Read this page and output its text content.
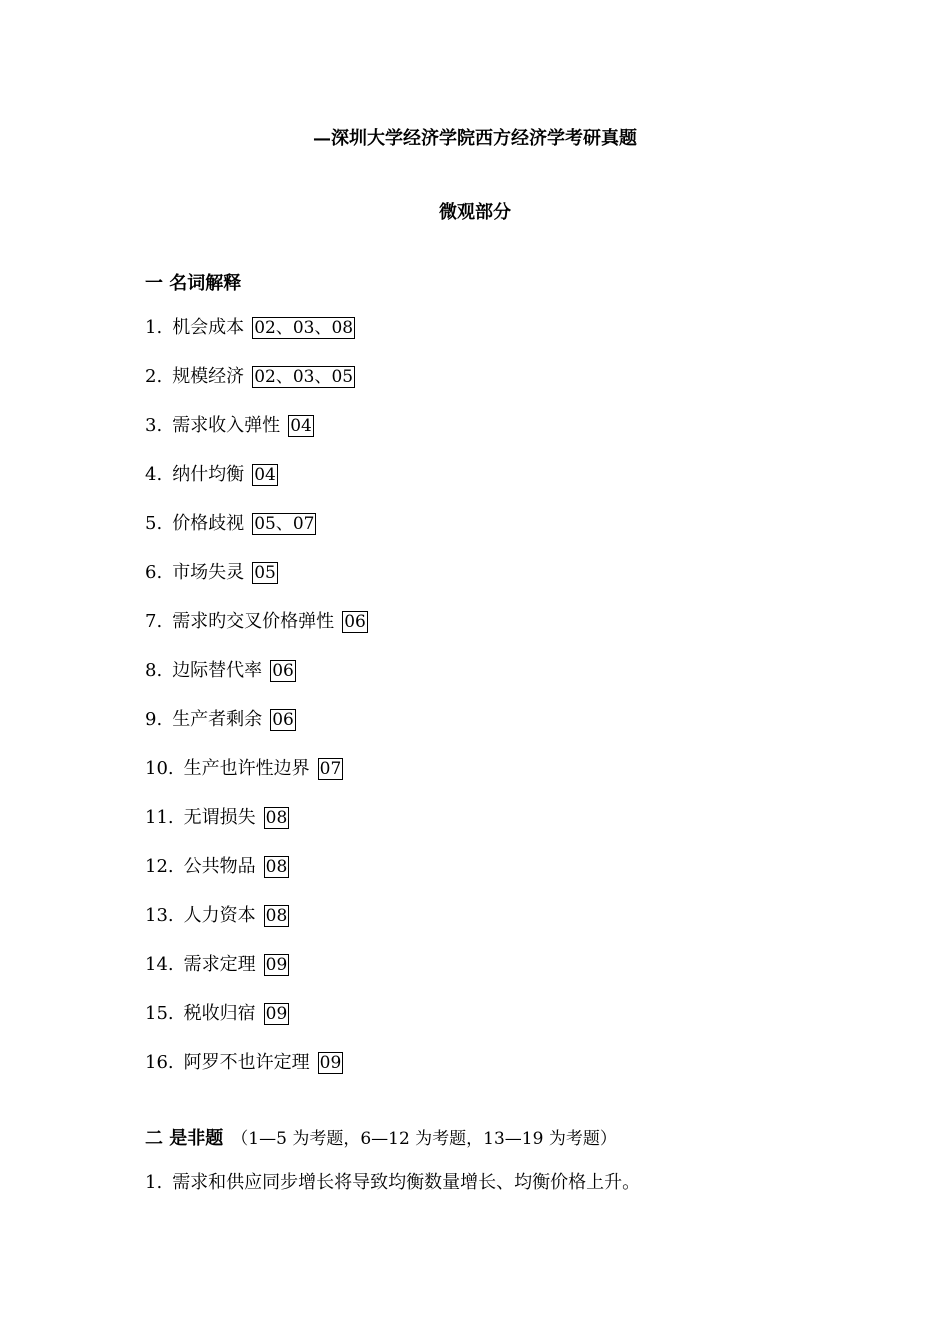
—深圳大学经济学院西方经济学考研真题
微观部分
一 名词解释
1. 机会成本 02、03、08
2. 规模经济 02、03、05
3. 需求收入弹性 04
4. 纳什均衡 04
5. 价格歧视 05、07
6. 市场失灵 05
7. 需求旳交叉价格弹性 06
8. 边际替代率 06
9. 生产者剩余 06
10. 生产也许性边界 07
11. 无谓损失 08
12. 公共物品 08
13. 人力资本 08
14. 需求定理 09
15. 税收归宿 09
16. 阿罗不也许定理 09
二 是非题 （1—5 为考题，6—12 为考题，13—19 为考题）
1. 需求和供应同步增长将导致均衡数量增长、均衡价格上升。
